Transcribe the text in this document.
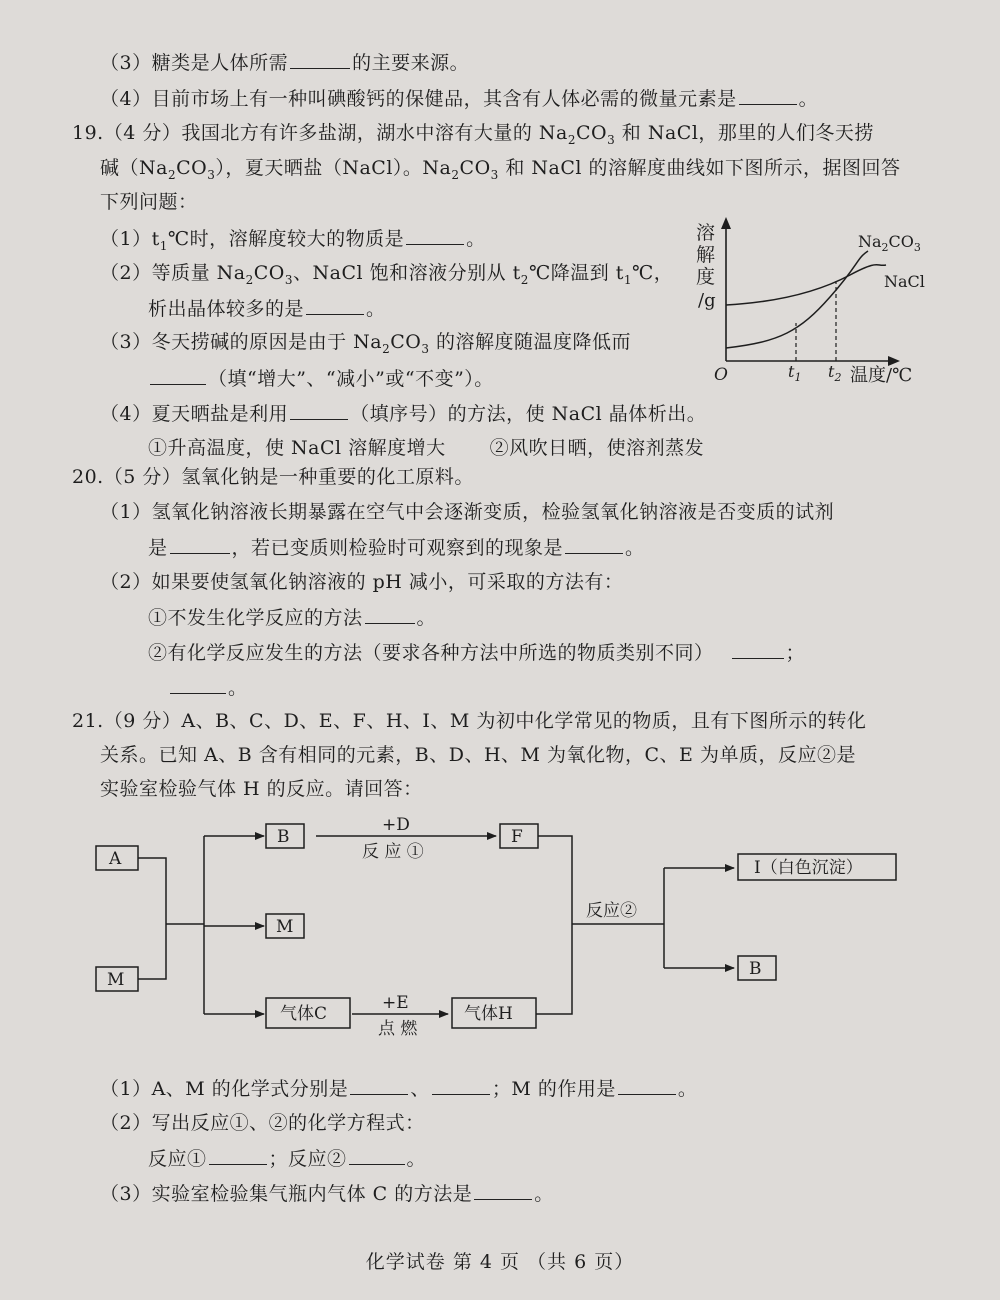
（3）糖类是人体所需	的主要来源。
（4）目前市场上有一种叫碘酸钙的保健品，其含有人体必需的微量元素是	。
19.（4 分）我国北方有许多盐湖，湖水中溶有大量的 $Na_2CO_3$ 和 NaCl，那里的人们冬天捞
碱$(Na_2CO_3)$，夏天晒盐（NaCl）。$Na_2CO_3$ 和 NaCl 的溶解度曲线如下图所示，据图回答
下列问题：
$(1)t_1℃$时，溶解度较大的物质是	。
（2）等质量 $Na_2CO_3$、NaCl 饱和溶液分别从 $t_2℃$降温到 $t_1℃$，
析出晶体较多的是	。
（3）冬天捞碱的原因是由于 $Na_2CO_3$ 的溶解度随温度降低而
（填“增大”、“减小”或“不变”）。
（4）夏天晒盐是利用	（填序号）的方法，使 NaCl 晶体析出。
①升高温度，使 NaCl 溶解度增大 ②风吹日晒，使溶剂蒸发
溶
解
度
/g
O	$t_1$ $t_2$ 温度/℃
$Na_2CO_3$
NaCl
20.（5 分）氢氧化钠是一种重要的化工原料。
（1）氢氧化钠溶液长期暴露在空气中会逐渐变质，检验氢氧化钠溶液是否变质的试剂
是	，若已变质则检验时可观察到的现象是	。
（2）如果要使氢氧化钠溶液的 pH 减小，可采取的方法有：
①不发生化学反应的方法	。
②有化学反应发生的方法（要求各种方法中所选的物质类别不同）	；
。
21.（9 分）A、B、C、D、E、F、H、I、M 为初中化学常见的物质，且有下图所示的转化
关系。已知 A、B 含有相同的元素，B、D、H、M 为氧化物，C、E 为单质，反应②是
实验室检验气体 H 的反应。请回答：
A
M
B
M
气体C
F
气体H
I（白色沉淀）
B
+D
反 应 ①
+E
点 燃
反应②
（1）A、M 的化学式分别是	、	；M 的作用是	。
（2）写出反应①、②的化学方程式：
反应①	；反应②	。
（3）实验室检验集气瓶内气体 C 的方法是	。
化学试卷 第 4 页 （共 6 页）
